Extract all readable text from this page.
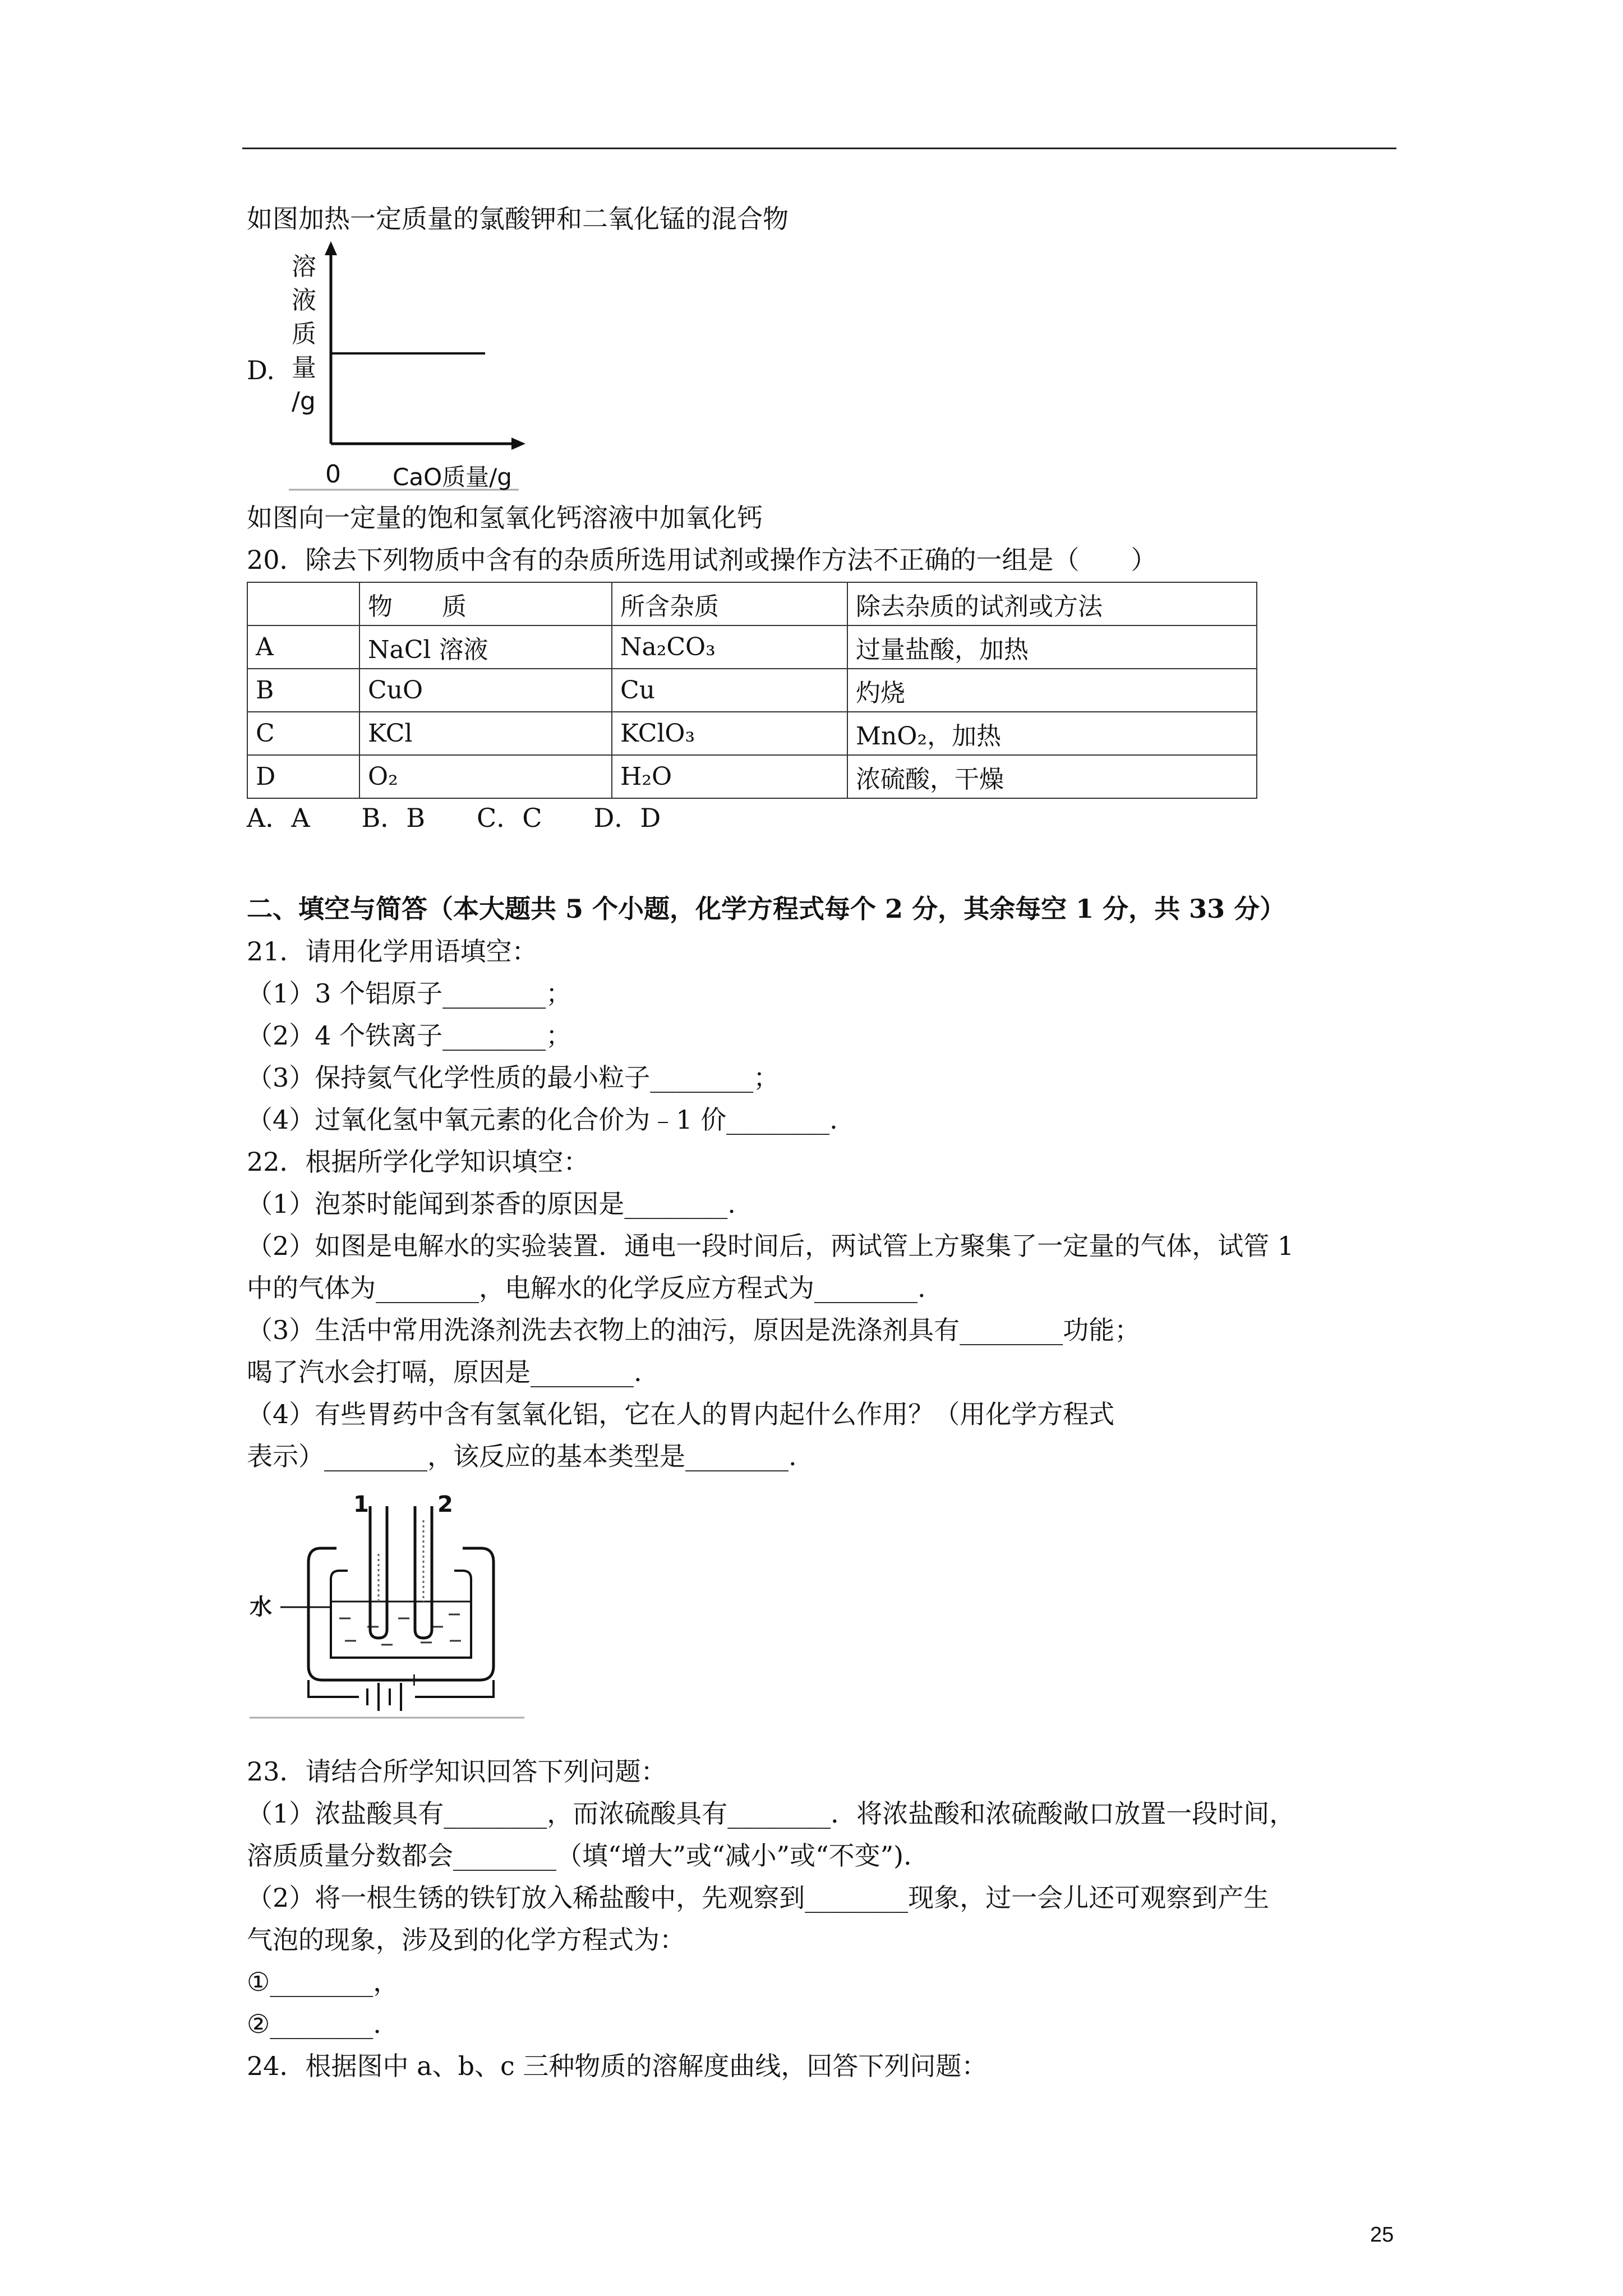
如图加热一定质量的氯酸钾和二氧化锰的混合物
D.
溶
液
质
量
/g
0 CaO质量/g
如图向一定量的饱和氢氧化钙溶液中加氧化钙
20．除去下列物质中含有的杂质所选用试剂或操作方法不正确的一组是（　　）
	物　　质	所含杂质	除去杂质的试剂或方法
A	NaCl 溶液	Na₂CO₃	过量盐酸，加热
B	CuO	Cu	灼烧
C	KCl	KClO₃	MnO₂，加热
D	O₂	H₂O	浓硫酸，干燥
A．A　　B．B　　C．C　　D．D
二、填空与简答（本大题共 5 个小题，化学方程式每个 2 分，其余每空 1 分，共 33 分）
21．请用化学用语填空：
（1）3 个铝原子________；
（2）4 个铁离子________；
（3）保持氦气化学性质的最小粒子________；
（4）过氧化氢中氧元素的化合价为﹣1 价________.
22．根据所学化学知识填空：
（1）泡茶时能闻到茶香的原因是________.
（2）如图是电解水的实验装置．通电一段时间后，两试管上方聚集了一定量的气体，试管 1
中的气体为________，电解水的化学反应方程式为________.
（3）生活中常用洗涤剂洗去衣物上的油污，原因是洗涤剂具有________功能；
喝了汽水会打嗝，原因是________.
（4）有些胃药中含有氢氧化铝，它在人的胃内起什么作用？（用化学方程式
表示）________，该反应的基本类型是________.
1	2
水
− +
23．请结合所学知识回答下列问题：
（1）浓盐酸具有________，而浓硫酸具有________．将浓盐酸和浓硫酸敞口放置一段时间，
溶质质量分数都会________（填“增大”或“减小”或“不变”).
（2）将一根生锈的铁钉放入稀盐酸中，先观察到________现象，过一会儿还可观察到产生
气泡的现象，涉及到的化学方程式为：
①________，
②________.
24．根据图中 a、b、c 三种物质的溶解度曲线，回答下列问题：
25
